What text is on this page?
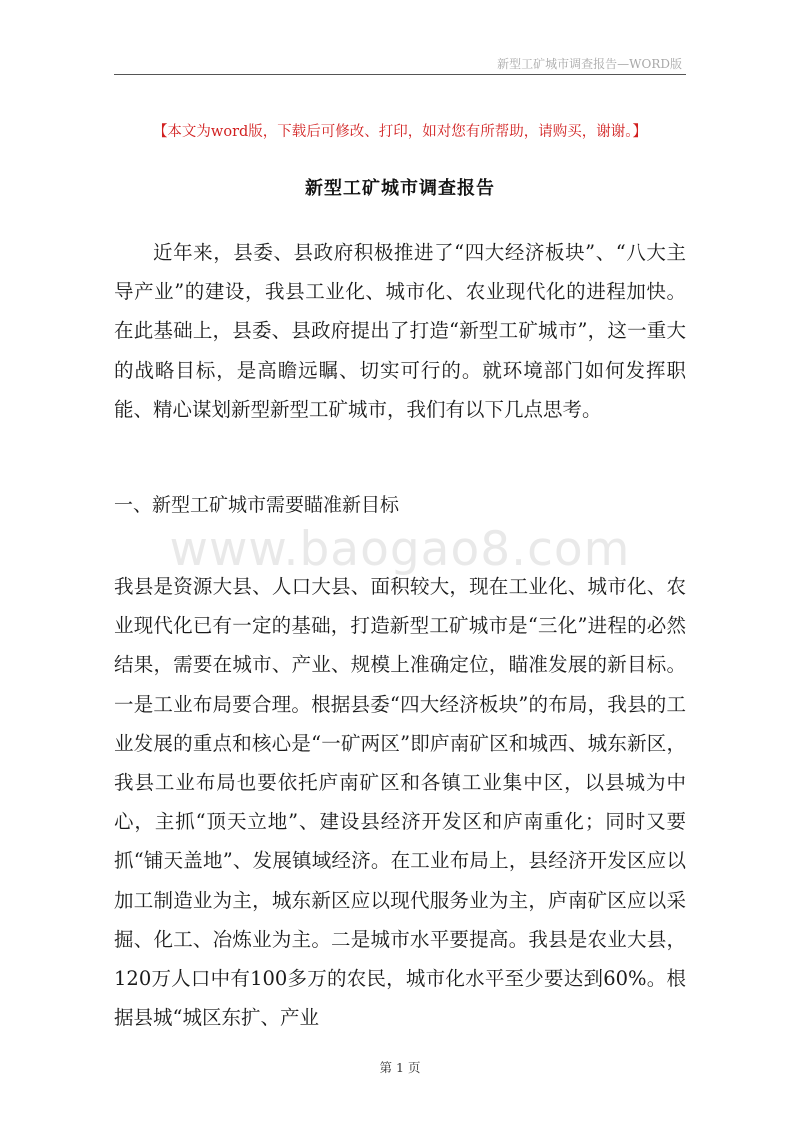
新型工矿城市调查报告—WORD版
【本文为word版，下载后可修改、打印，如对您有所帮助，请购买，谢谢。】
新型工矿城市调查报告
近年来，县委、县政府积极推进了“四大经济板块”、“八大主导产业”的建设，我县工业化、城市化、农业现代化的进程加快。在此基础上，县委、县政府提出了打造“新型工矿城市”，这一重大的战略目标，是高瞻远瞩、切实可行的。就环境部门如何发挥职能、精心谋划新型新型工矿城市，我们有以下几点思考。
一、新型工矿城市需要瞄准新目标
www.baogao8.com
我县是资源大县、人口大县、面积较大，现在工业化、城市化、农业现代化已有一定的基础，打造新型工矿城市是“三化”进程的必然结果，需要在城市、产业、规模上准确定位，瞄准发展的新目标。一是工业布局要合理。根据县委“四大经济板块”的布局，我县的工业发展的重点和核心是“一矿两区”即庐南矿区和城西、城东新区，我县工业布局也要依托庐南矿区和各镇工业集中区，以县城为中心，主抓“顶天立地”、建设县经济开发区和庐南重化；同时又要抓“铺天盖地”、发展镇域经济。在工业布局上，县经济开发区应以加工制造业为主，城东新区应以现代服务业为主，庐南矿区应以采掘、化工、冶炼业为主。二是城市水平要提高。我县是农业大县，120万人口中有100多万的农民，城市化水平至少要达到60%。根据县城“城区东扩、产业
第 1 页
